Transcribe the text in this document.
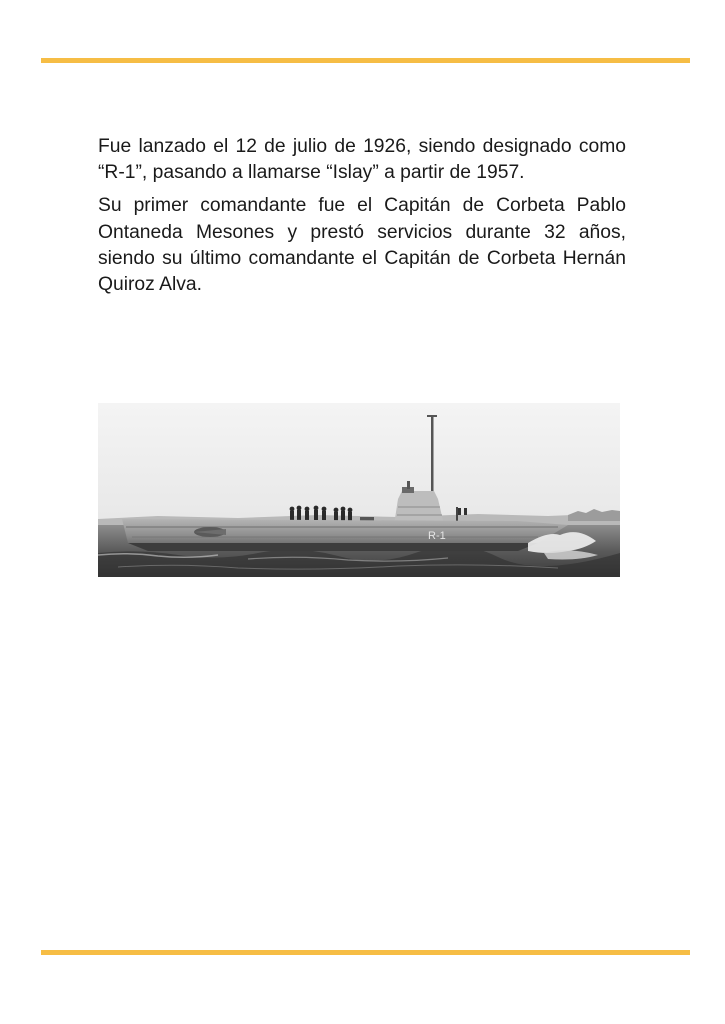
Fue lanzado el 12 de julio de 1926, siendo designado como “R-1”, pasando a llamarse “Islay” a partir de 1957.

Su primer comandante fue el Capitán de Corbeta Pablo Ontaneda Mesones y prestó servicios durante 32 años, siendo su último comandante el Capitán de Corbeta Hernán Quiroz Alva.

R-1
